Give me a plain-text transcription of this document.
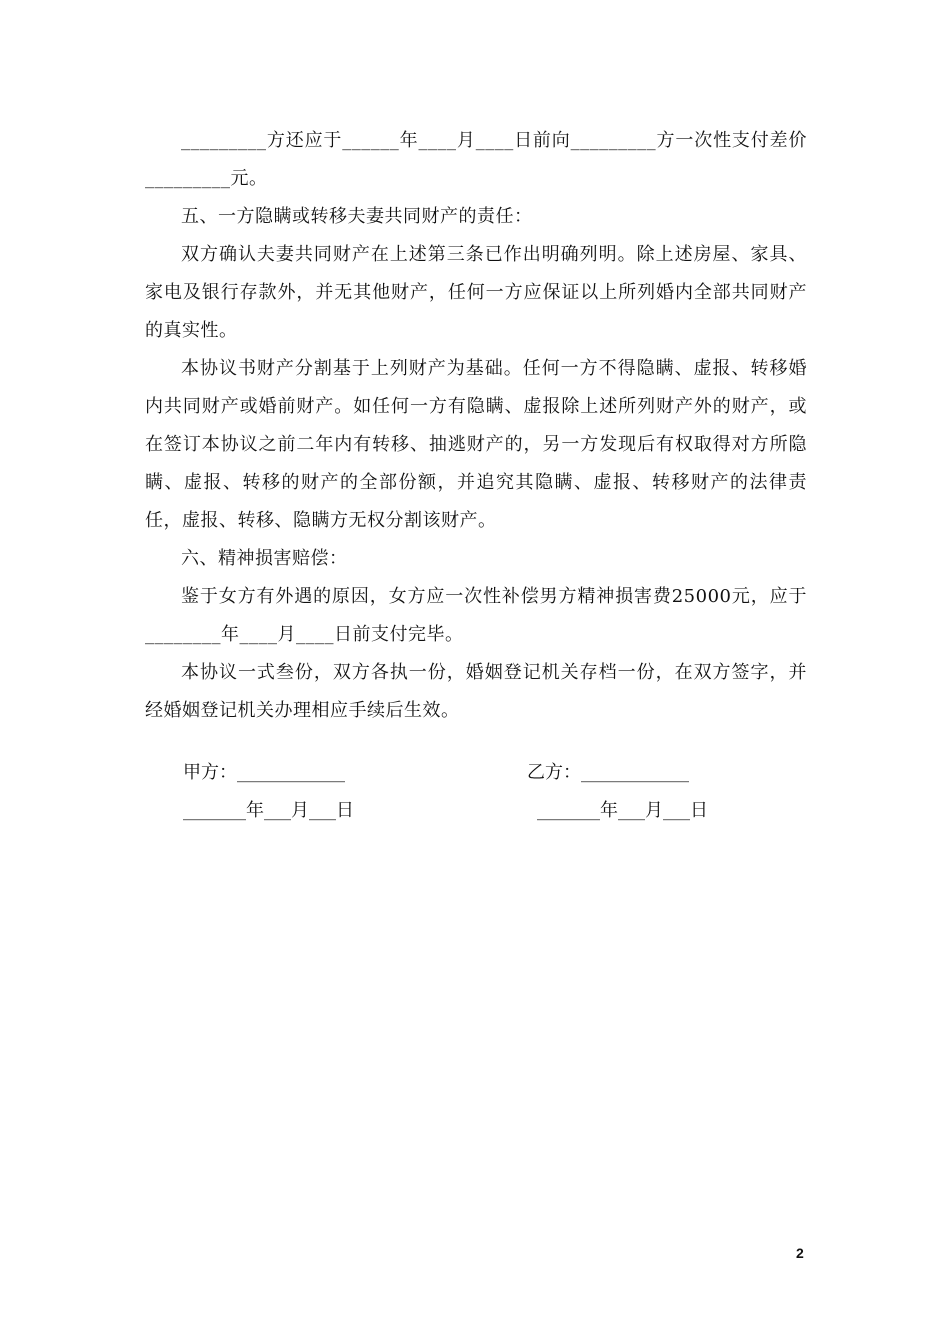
_________方还应于______年____月____日前向_________方一次性支付差价_________元。

五、一方隐瞒或转移夫妻共同财产的责任：

双方确认夫妻共同财产在上述第三条已作出明确列明。除上述房屋、家具、家电及银行存款外，并无其他财产，任何一方应保证以上所列婚内全部共同财产的真实性。

本协议书财产分割基于上列财产为基础。任何一方不得隐瞒、虚报、转移婚内共同财产或婚前财产。如任何一方有隐瞒、虚报除上述所列财产外的财产，或在签订本协议之前二年内有转移、抽逃财产的，另一方发现后有权取得对方所隐瞒、虚报、转移的财产的全部份额，并追究其隐瞒、虚报、转移财产的法律责任，虚报、转移、隐瞒方无权分割该财产。

六、精神损害赔偿：

鉴于女方有外遇的原因，女方应一次性补偿男方精神损害费25000元，应于________年____月____日前支付完毕。

本协议一式叁份，双方各执一份，婚姻登记机关存档一份，在双方签字，并经婚姻登记机关办理相应手续后生效。

甲方：____________	乙方：____________
_______年___月___日	_______年___月___日
2
